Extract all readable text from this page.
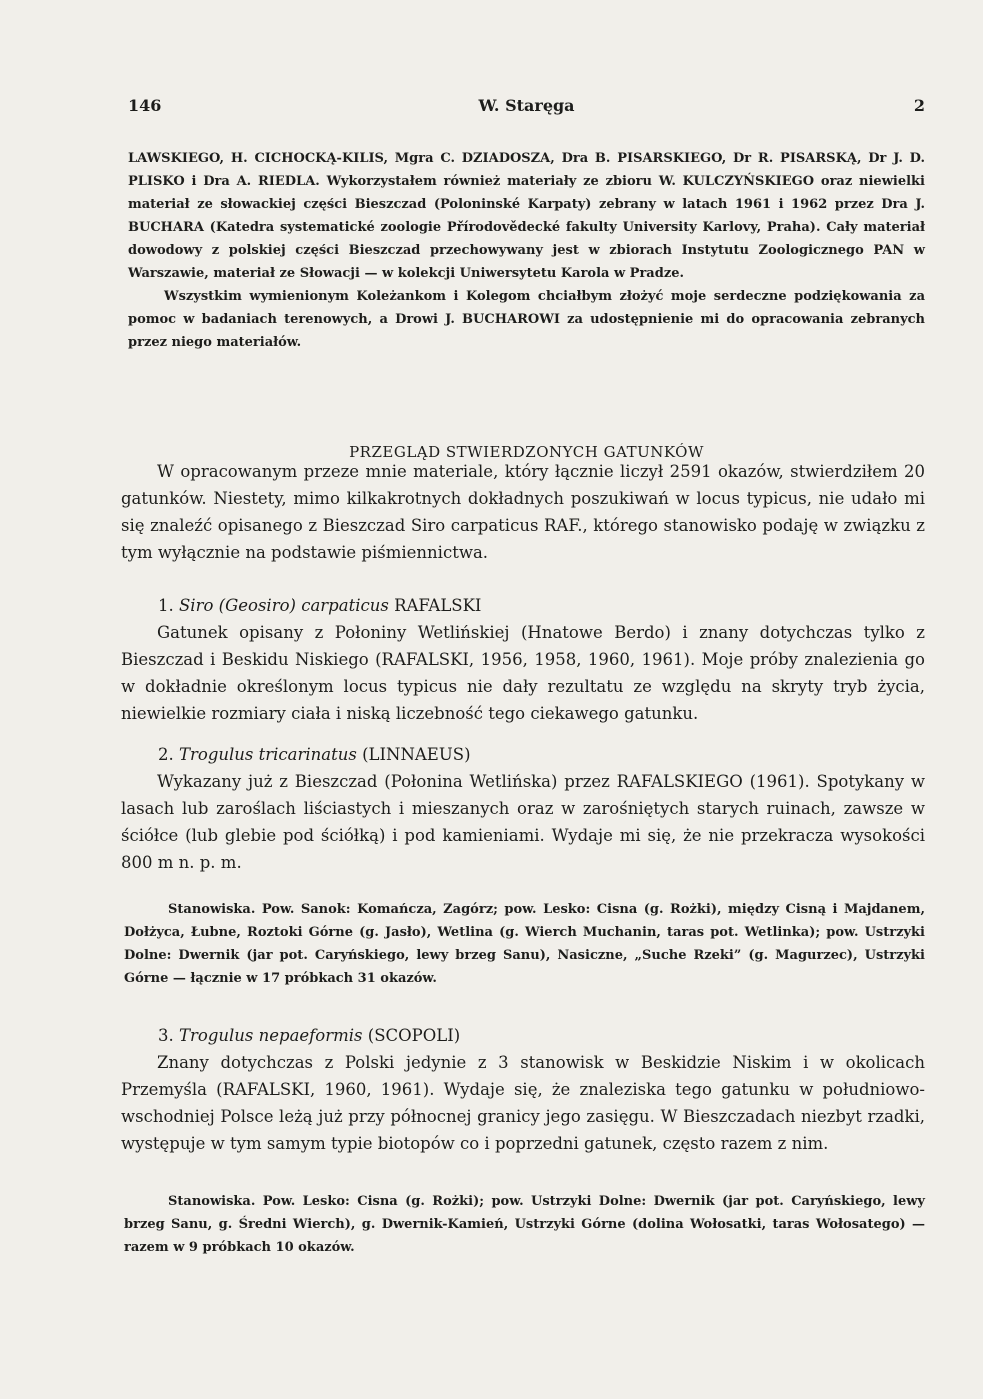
146	W. Staręga	2

LAWSKIEGO, H. CICHOCKĄ-KILIS, Mgra C. DZIADOSZA, Dra B. PISARSKIEGO, Dr R. PISARSKĄ, Dr J. D. PLISKO i Dra A. RIEDLA. Wykorzystałem również materiały ze zbioru W. KULCZYŃSKIEGO oraz niewielki materiał ze słowackiej części Bieszczad (Poloninské Karpaty) zebrany w latach 1961 i 1962 przez Dra J. BUCHARA (Katedra systematické zoologie Přírodovědecké fakulty University Karlovy, Praha). Cały materiał dowodowy z polskiej części Bieszczad przechowywany jest w zbiorach Instytutu Zoologicznego PAN w Warszawie, materiał ze Słowacji — w kolekcji Uniwersytetu Karola w Pradze.

Wszystkim wymienionym Koleżankom i Kolegom chciałbym złożyć moje serdeczne podziękowania za pomoc w badaniach terenowych, a Drowi J. BUCHAROWI za udostępnienie mi do opracowania zebranych przez niego materiałów.

PRZEGLĄD STWIERDZONYCH GATUNKÓW

W opracowanym przeze mnie materiale, który łącznie liczył 2591 okazów, stwierdziłem 20 gatunków. Niestety, mimo kilkakrotnych dokładnych poszukiwań w locus typicus, nie udało mi się znaleźć opisanego z Bieszczad Siro carpaticus RAF., którego stanowisko podaję w związku z tym wyłącznie na podstawie piśmiennictwa.

1. Siro (Geosiro) carpaticus RAFALSKI

Gatunek opisany z Połoniny Wetlińskiej (Hnatowe Berdo) i znany dotychczas tylko z Bieszczad i Beskidu Niskiego (RAFALSKI, 1956, 1958, 1960, 1961). Moje próby znalezienia go w dokładnie określonym locus typicus nie dały rezultatu ze względu na skryty tryb życia, niewielkie rozmiary ciała i niską liczebność tego ciekawego gatunku.

2. Trogulus tricarinatus (LINNAEUS)

Wykazany już z Bieszczad (Połonina Wetlińska) przez RAFALSKIEGO (1961). Spotykany w lasach lub zaroślach liściastych i mieszanych oraz w zarośniętych starych ruinach, zawsze w ściółce (lub glebie pod ściółką) i pod kamieniami. Wydaje mi się, że nie przekracza wysokości 800 m n. p. m.

Stanowiska. Pow. Sanok: Komańcza, Zagórz; pow. Lesko: Cisna (g. Rożki), między Cisną i Majdanem, Dołżyca, Łubne, Roztoki Górne (g. Jasło), Wetlina (g. Wierch Muchanin, taras pot. Wetlinka); pow. Ustrzyki Dolne: Dwernik (jar pot. Caryńskiego, lewy brzeg Sanu), Nasiczne, „Suche Rzeki” (g. Magurzec), Ustrzyki Górne — łącznie w 17 próbkach 31 okazów.

3. Trogulus nepaeformis (SCOPOLI)

Znany dotychczas z Polski jedynie z 3 stanowisk w Beskidzie Niskim i w okolicach Przemyśla (RAFALSKI, 1960, 1961). Wydaje się, że znaleziska tego gatunku w południowo-wschodniej Polsce leżą już przy północnej granicy jego zasięgu. W Bieszczadach niezbyt rzadki, występuje w tym samym typie biotopów co i poprzedni gatunek, często razem z nim.

Stanowiska. Pow. Lesko: Cisna (g. Rożki); pow. Ustrzyki Dolne: Dwernik (jar pot. Caryńskiego, lewy brzeg Sanu, g. Średni Wierch), g. Dwernik-Kamień, Ustrzyki Górne (dolina Wołosatki, taras Wołosatego) — razem w 9 próbkach 10 okazów.
